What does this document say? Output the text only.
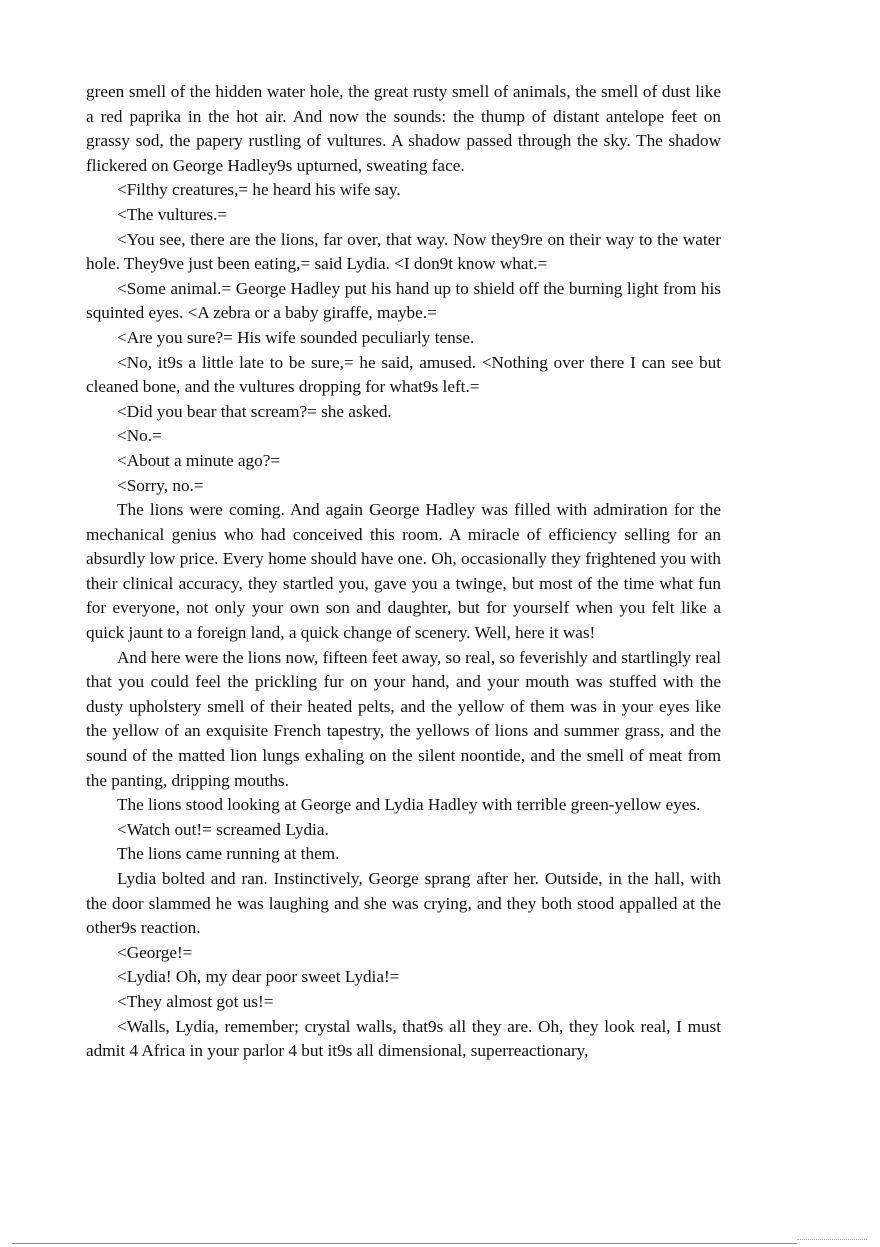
green smell of the hidden water hole, the great rusty smell of animals, the smell of dust like a red paprika in the hot air. And now the sounds: the thump of distant antelope feet on grassy sod, the papery rustling of vultures. A shadow passed through the sky. The shadow flickered on George Hadley9s upturned, sweating face.

<Filthy creatures,= he heard his wife say.

<The vultures.=

<You see, there are the lions, far over, that way. Now they9re on their way to the water hole. They9ve just been eating,= said Lydia. <I don9t know what.=

<Some animal.= George Hadley put his hand up to shield off the burning light from his squinted eyes. <A zebra or a baby giraffe, maybe.=

<Are you sure?= His wife sounded peculiarly tense.

<No, it9s a little late to be sure,= he said, amused. <Nothing over there I can see but cleaned bone, and the vultures dropping for what9s left.=

<Did you bear that scream?= she asked.

<No.=

<About a minute ago?=

<Sorry, no.=

The lions were coming. And again George Hadley was filled with admiration for the mechanical genius who had conceived this room. A miracle of efficiency selling for an absurdly low price. Every home should have one. Oh, occasionally they frightened you with their clinical accuracy, they startled you, gave you a twinge, but most of the time what fun for everyone, not only your own son and daughter, but for yourself when you felt like a quick jaunt to a foreign land, a quick change of scenery. Well, here it was!

And here were the lions now, fifteen feet away, so real, so feverishly and startlingly real that you could feel the prickling fur on your hand, and your mouth was stuffed with the dusty upholstery smell of their heated pelts, and the yellow of them was in your eyes like the yellow of an exquisite French tapestry, the yellows of lions and summer grass, and the sound of the matted lion lungs exhaling on the silent noontide, and the smell of meat from the panting, dripping mouths.

The lions stood looking at George and Lydia Hadley with terrible green-yellow eyes.

<Watch out!= screamed Lydia.

The lions came running at them.

Lydia bolted and ran. Instinctively, George sprang after her. Outside, in the hall, with the door slammed he was laughing and she was crying, and they both stood appalled at the other9s reaction.

<George!=

<Lydia! Oh, my dear poor sweet Lydia!=

<They almost got us!=

<Walls, Lydia, remember; crystal walls, that9s all they are. Oh, they look real, I must admit 4 Africa in your parlor 4 but it9s all dimensional, superreactionary,
